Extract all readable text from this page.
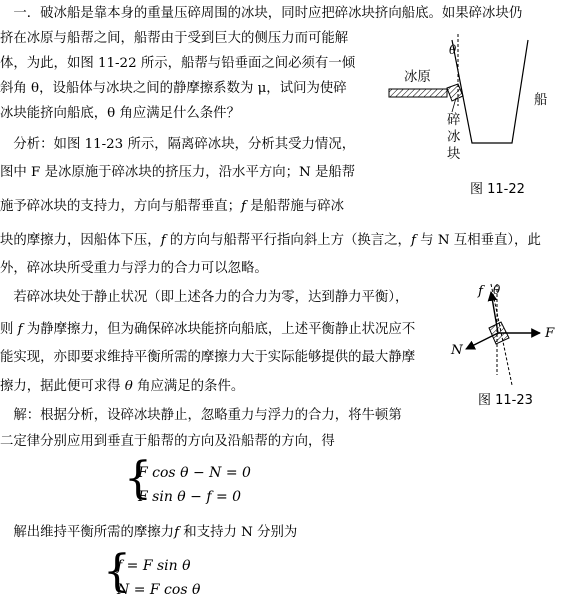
　一．破冰船是靠本身的重量压碎周围的冰块，同时应把碎冰块挤向船底。如果碎冰块仍
挤在冰原与船帮之间，船帮由于受到巨大的侧压力而可能解
体，为此，如图 11-22 所示，船帮与铅垂面之间必须有一倾
斜角 θ，设船体与冰块之间的静摩擦系数为 μ，试问为使碎
冰块能挤向船底，θ 角应满足什么条件？
　分析：如图 11-23 所示，隔离碎冰块，分析其受力情况，
图中 F 是冰原施于碎冰块的挤压力，沿水平方向；N 是船帮
施予碎冰块的支持力，方向与船帮垂直；f 是船帮施与碎冰
块的摩擦力，因船体下压，f 的方向与船帮平行指向斜上方（换言之，f 与 N 互相垂直），此
外，碎冰块所受重力与浮力的合力可以忽略。
　若碎冰块处于静止状况（即上述各力的合力为零，达到静力平衡），
则 f 为静摩擦力，但为确保碎冰块能挤向船底，上述平衡静止状况应不
能实现，亦即要求维持平衡所需的摩擦力大于实际能够提供的最大静摩
擦力，据此便可求得 θ 角应满足的条件。
　解：根据分析，设碎冰块静止，忽略重力与浮力的合力，将牛顿第
二定律分别应用到垂直于船帮的方向及沿船帮的方向，得
{
F cos θ − N = 0
F sin θ − f = 0
　解出维持平衡所需的摩擦力f 和支持力 N 分别为
{
f = F sin θ
N = F cos θ
θ
冰原
船
碎
冰
块
图 11-22
f θ
F
N
图 11-23
